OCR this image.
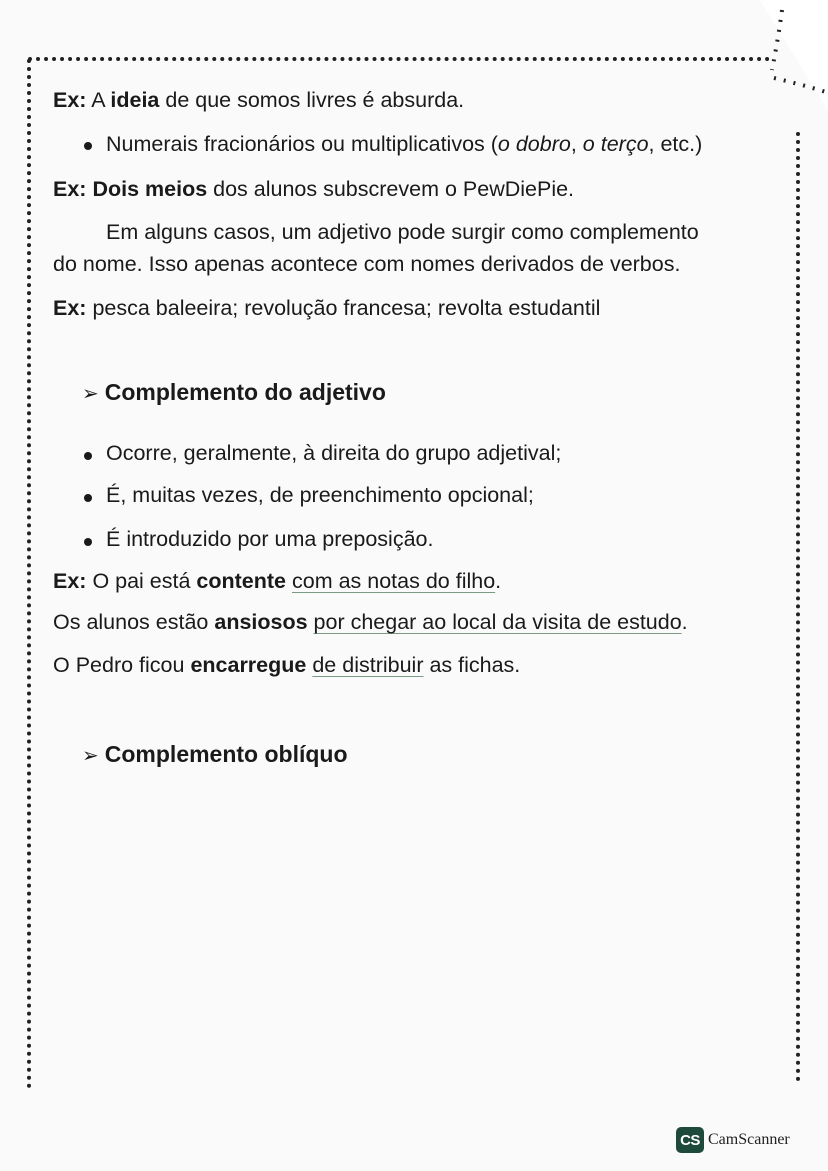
Ex: A ideia de que somos livres é absurda.
Numerais fracionários ou multiplicativos (o dobro, o terço, etc.)
Ex: Dois meios dos alunos subscrevem o PewDiePie.
Em alguns casos, um adjetivo pode surgir como complemento
do nome. Isso apenas acontece com nomes derivados de verbos.
Ex: pesca baleeira; revolução francesa; revolta estudantil
➢ Complemento do adjetivo
Ocorre, geralmente, à direita do grupo adjetival;
É, muitas vezes, de preenchimento opcional;
É introduzido por uma preposição.
Ex: O pai está contente com as notas do filho.
Os alunos estão ansiosos por chegar ao local da visita de estudo.
O Pedro ficou encarregue de distribuir as fichas.
➢ Complemento oblíquo
CS CamScanner
